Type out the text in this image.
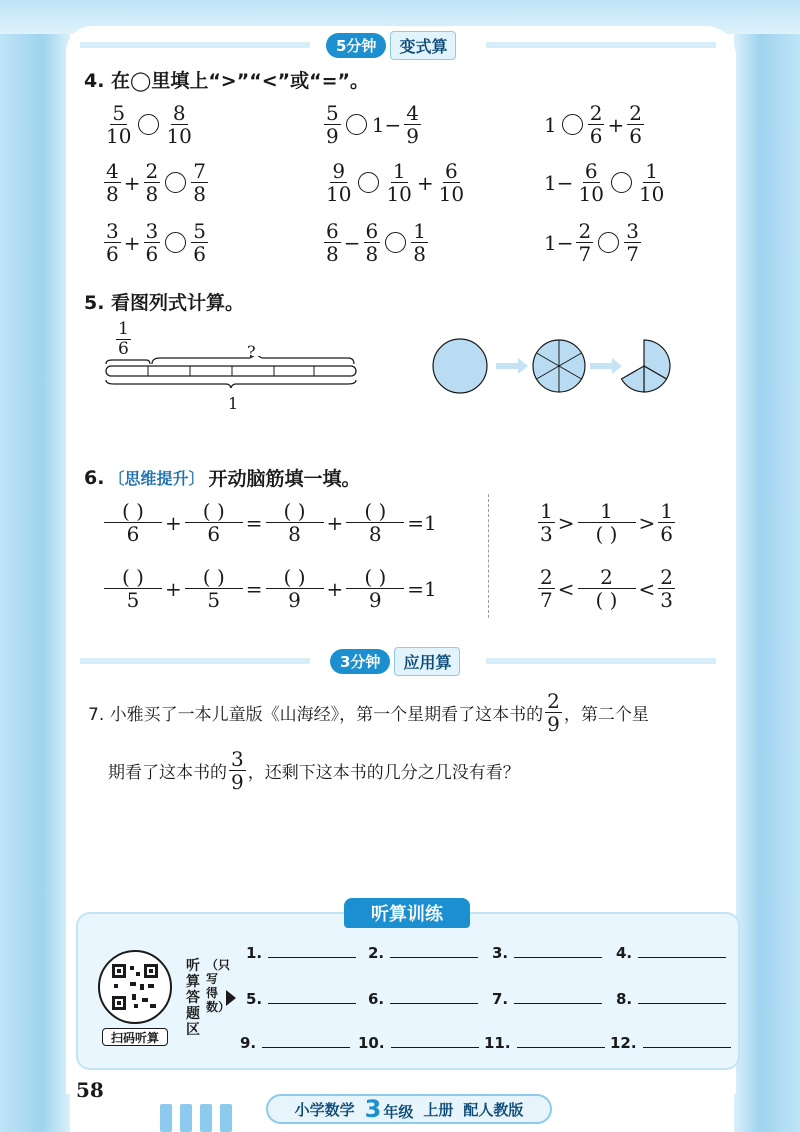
5分钟	变式算
4. 在◯里填上“>”“<”或“=”。
$\frac{5}{10} \frac{8}{10}$	$\frac{5}{9} 1- \frac{4}{9}$	$1 \frac{2}{6} + \frac{2}{6}$
$\frac{4}{8} + \frac{2}{8} \frac{7}{8}$	$\frac{9}{10} \frac{1}{10} + \frac{6}{10}$	$1- \frac{6}{10} \frac{1}{10}$
$\frac{3}{6} + \frac{3}{6} \frac{5}{6}$	$\frac{6}{8} - \frac{6}{8} \frac{1}{8}$	$1- \frac{2}{7} \frac{3}{7}$
5. 看图列式计算。
$\frac{1}{6}$	?
1
6. 〔思维提升〕 开动脑筋填一填。
$\frac{( )}{6} + \frac{( )}{6} = \frac{( )}{8} + \frac{( )}{8} =1$
$\frac{( )}{5} + \frac{( )}{5} = \frac{( )}{9} + \frac{( )}{9} =1$
$\frac{1}{3} > \frac{1}{( )} > \frac{1}{6}$
$\frac{2}{7} < \frac{2}{( )} < \frac{2}{3}$
3分钟	应用算
7. 小雅买了一本儿童版《山海经》，第一个星期看了这本书的 $\frac{2}{9}$ ，第二个星
期看了这本书的 $\frac{3}{9}$ ，还剩下这本书的几分之几没有看？
听算训练
扫码听算
听算答题区
（只写得数）
1.	2.	3.	4.
5.	6.	7.	8.
9.	10.	11.	12.
58
小学数学 3 年级 上册 配人教版
